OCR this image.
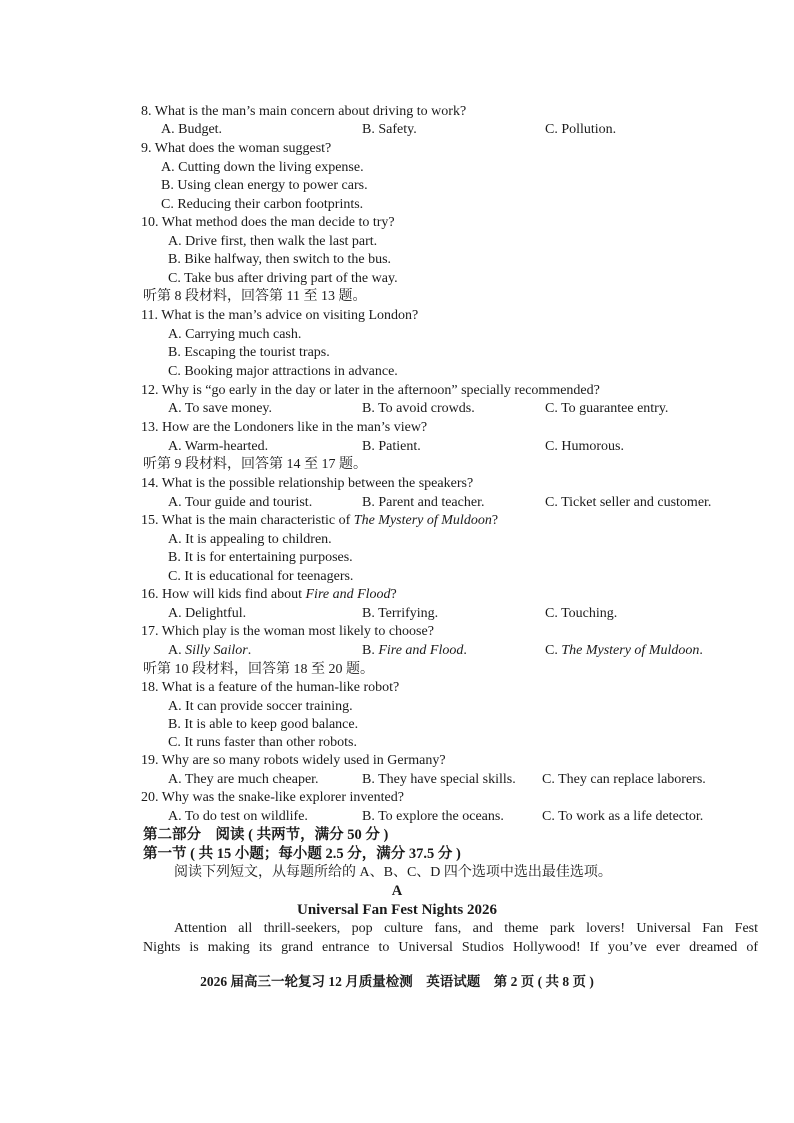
8. What is the man’s main concern about driving to work?
A. Budget.	B. Safety.	C. Pollution.
9. What does the woman suggest?
A. Cutting down the living expense.
B. Using clean energy to power cars.
C. Reducing their carbon footprints.
10. What method does the man decide to try?
A. Drive first, then walk the last part.
B. Bike halfway, then switch to the bus.
C. Take bus after driving part of the way.
听第 8 段材料，回答第 11 至 13 题。
11. What is the man’s advice on visiting London?
A. Carrying much cash.
B. Escaping the tourist traps.
C. Booking major attractions in advance.
12. Why is “go early in the day or later in the afternoon” specially recommended?
A. To save money.	B. To avoid crowds.	C. To guarantee entry.
13. How are the Londoners like in the man’s view?
A. Warm-hearted.	B. Patient.	C. Humorous.
听第 9 段材料，回答第 14 至 17 题。
14. What is the possible relationship between the speakers?
A. Tour guide and tourist.	B. Parent and teacher.	C. Ticket seller and customer.
15. What is the main characteristic of The Mystery of Muldoon?
A. It is appealing to children.
B. It is for entertaining purposes.
C. It is educational for teenagers.
16. How will kids find about Fire and Flood?
A. Delightful.	B. Terrifying.	C. Touching.
17. Which play is the woman most likely to choose?
A. Silly Sailor.	B. Fire and Flood.	C. The Mystery of Muldoon.
听第 10 段材料，回答第 18 至 20 题。
18. What is a feature of the human-like robot?
A. It can provide soccer training.
B. It is able to keep good balance.
C. It runs faster than other robots.
19. Why are so many robots widely used in Germany?
A. They are much cheaper.	B. They have special skills. C. They can replace laborers.
20. Why was the snake-like explorer invented?
A. To do test on wildlife.	B. To explore the oceans.	C. To work as a life detector.
第二部分　阅读 ( 共两节，满分 50 分 )
第一节 ( 共 15 小题；每小题 2.5 分，满分 37.5 分 )
阅读下列短文，从每题所给的 A、B、C、D 四个选项中选出最佳选项。
A
Universal Fan Fest Nights 2026
Attention all thrill-seekers, pop culture fans, and theme park lovers! Universal Fan Fest
Nights is making its grand entrance to Universal Studios Hollywood! If you’ve ever dreamed of
2026 届高三一轮复习 12 月质量检测　英语试题　第 2 页 ( 共 8 页 )
